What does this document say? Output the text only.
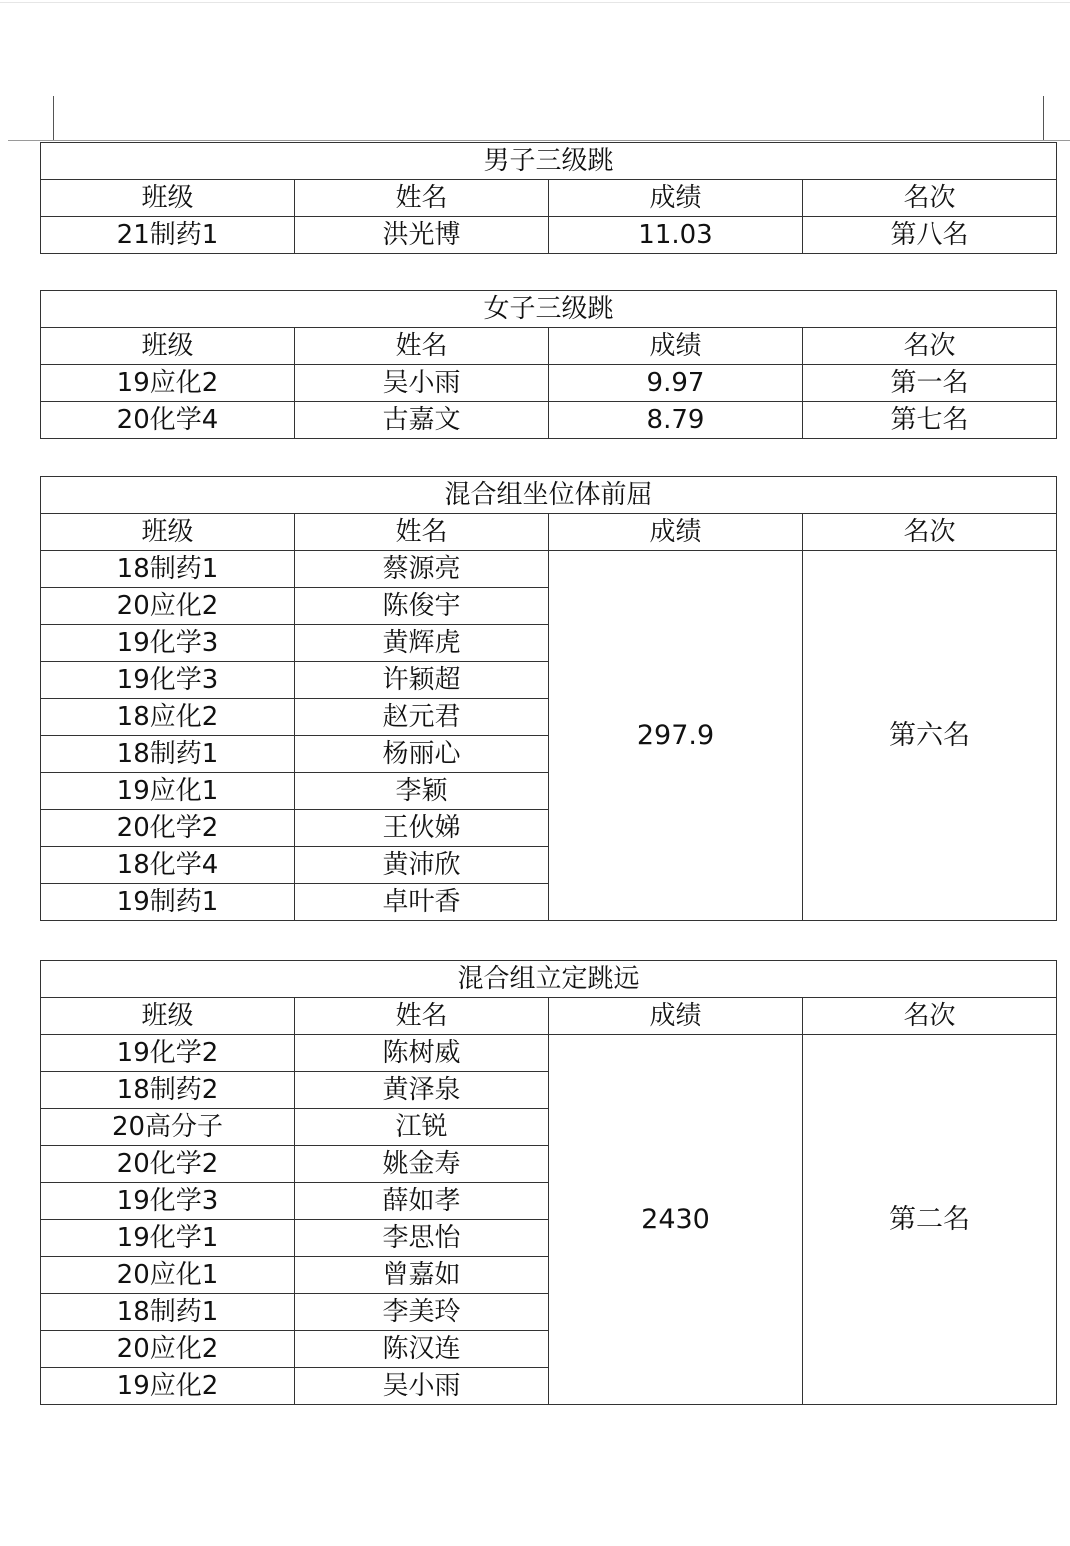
男子三级跳			
班级	姓名	成绩	名次
21制药1	洪光博	11.03	第八名
女子三级跳			
班级	姓名	成绩	名次
19应化2	吴小雨	9.97	第一名
20化学4	古嘉文	8.79	第七名
混合组坐位体前屈			
班级	姓名	成绩	名次
18制药1	蔡源亮	297.9	第六名
20应化2	陈俊宇		
19化学3	黄辉虎		
19化学3	许颖超		
18应化2	赵元君		
18制药1	杨丽心		
19应化1	李颖		
20化学2	王伙娣		
18化学4	黄沛欣		
19制药1	卓叶香		
混合组立定跳远			
班级	姓名	成绩	名次
19化学2	陈树威	2430	第二名
18制药2	黄泽泉		
20高分子	江锐		
20化学2	姚金寿		
19化学3	薛如孝		
19化学1	李思怡		
20应化1	曾嘉如		
18制药1	李美玲		
20应化2	陈汉连		
19应化2	吴小雨		
